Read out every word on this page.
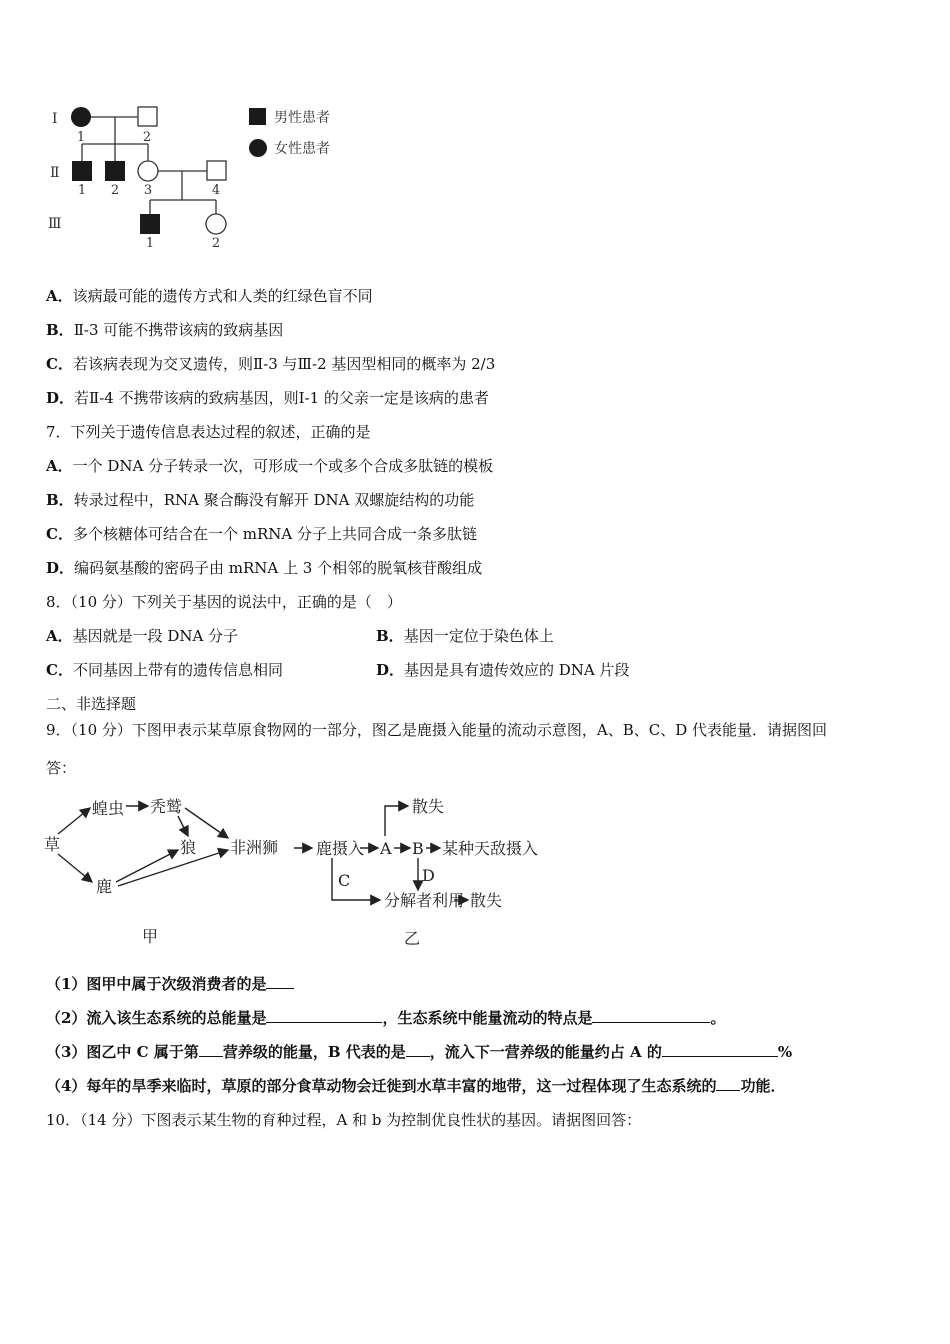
Ⅰ
Ⅱ
Ⅲ
1	2
1 2 3	4
1	2
男性患者
女性患者
A．该病最可能的遗传方式和人类的红绿色盲不同
B．Ⅱ-3 可能不携带该病的致病基因
C．若该病表现为交叉遗传，则Ⅱ-3 与Ⅲ-2 基因型相同的概率为 2/3
D．若Ⅱ-4 不携带该病的致病基因，则Ⅰ-1 的父亲一定是该病的患者
7．下列关于遗传信息表达过程的叙述，正确的是
A．一个 DNA 分子转录一次，可形成一个或多个合成多肽链的模板
B．转录过程中，RNA 聚合酶没有解开 DNA 双螺旋结构的功能
C．多个核糖体可结合在一个 mRNA 分子上共同合成一条多肽链
D．编码氨基酸的密码子由 mRNA 上 3 个相邻的脱氧核苷酸组成
8．（10 分）下列关于基因的说法中，正确的是（　）
A．基因就是一段 DNA 分子	B．基因一定位于染色体上
C．不同基因上带有的遗传信息相同	D．基因是具有遗传效应的 DNA 片段
二、非选择题
9．（10 分）下图甲表示某草原食物网的一部分，图乙是鹿摄入能量的流动示意图，A、B、C、D 代表能量．请据图回
答：
草
蝗虫 秃鹫
狼 非洲狮
鹿
甲
鹿摄入 A B
散失
某种天敌摄入
C	D
分解者利用 散失
乙
（1）图甲中属于次级消费者的是
（2）流入该生态系统的总能量是	，生态系统中能量流动的特点是	。
（3）图乙中 C 属于第 营养级的能量，B 代表的是 ，流入下一营养级的能量约占 A 的	%
（4）每年的旱季来临时，草原的部分食草动物会迁徙到水草丰富的地带，这一过程体现了生态系统的 功能．
10．（14 分）下图表示某生物的育种过程，A 和 b 为控制优良性状的基因。请据图回答：
